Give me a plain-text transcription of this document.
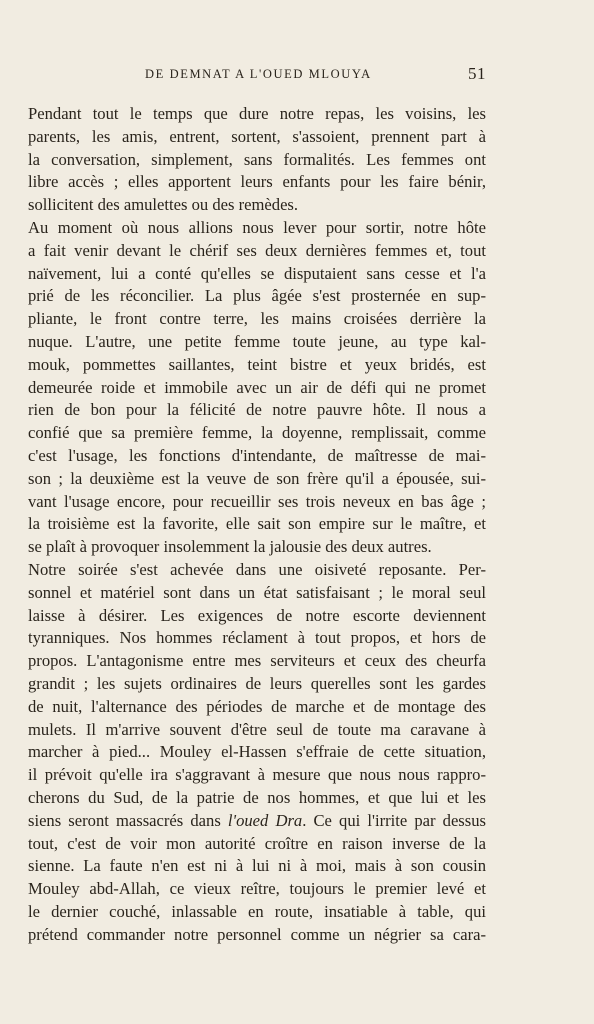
DE DEMNAT A L'OUED MLOUYA	51
Pendant tout le temps que dure notre repas, les voisins, les
parents, les amis, entrent, sortent, s'assoient, prennent part à
la conversation, simplement, sans formalités. Les femmes ont
libre accès ; elles apportent leurs enfants pour les faire bénir,
sollicitent des amulettes ou des remèdes.
Au moment où nous allions nous lever pour sortir, notre hôte
a fait venir devant le chérif ses deux dernières femmes et, tout
naïvement, lui a conté qu'elles se disputaient sans cesse et l'a
prié de les réconcilier. La plus âgée s'est prosternée en sup-
pliante, le front contre terre, les mains croisées derrière la
nuque. L'autre, une petite femme toute jeune, au type kal-
mouk, pommettes saillantes, teint bistre et yeux bridés, est
demeurée roide et immobile avec un air de défi qui ne promet
rien de bon pour la félicité de notre pauvre hôte. Il nous a
confié que sa première femme, la doyenne, remplissait, comme
c'est l'usage, les fonctions d'intendante, de maîtresse de mai-
son ; la deuxième est la veuve de son frère qu'il a épousée, sui-
vant l'usage encore, pour recueillir ses trois neveux en bas âge ;
la troisième est la favorite, elle sait son empire sur le maître, et
se plaît à provoquer insolemment la jalousie des deux autres.
Notre soirée s'est achevée dans une oisiveté reposante. Per-
sonnel et matériel sont dans un état satisfaisant ; le moral seul
laisse à désirer. Les exigences de notre escorte deviennent
tyranniques. Nos hommes réclament à tout propos, et hors de
propos. L'antagonisme entre mes serviteurs et ceux des cheurfa
grandit ; les sujets ordinaires de leurs querelles sont les gardes
de nuit, l'alternance des périodes de marche et de montage des
mulets. Il m'arrive souvent d'être seul de toute ma caravane à
marcher à pied... Mouley el-Hassen s'effraie de cette situation,
il prévoit qu'elle ira s'aggravant à mesure que nous nous rappro-
cherons du Sud, de la patrie de nos hommes, et que lui et les
siens seront massacrés dans l'oued Dra. Ce qui l'irrite par dessus
tout, c'est de voir mon autorité croître en raison inverse de la
sienne. La faute n'en est ni à lui ni à moi, mais à son cousin
Mouley abd-Allah, ce vieux reître, toujours le premier levé et
le dernier couché, inlassable en route, insatiable à table, qui
prétend commander notre personnel comme un négrier sa cara-
